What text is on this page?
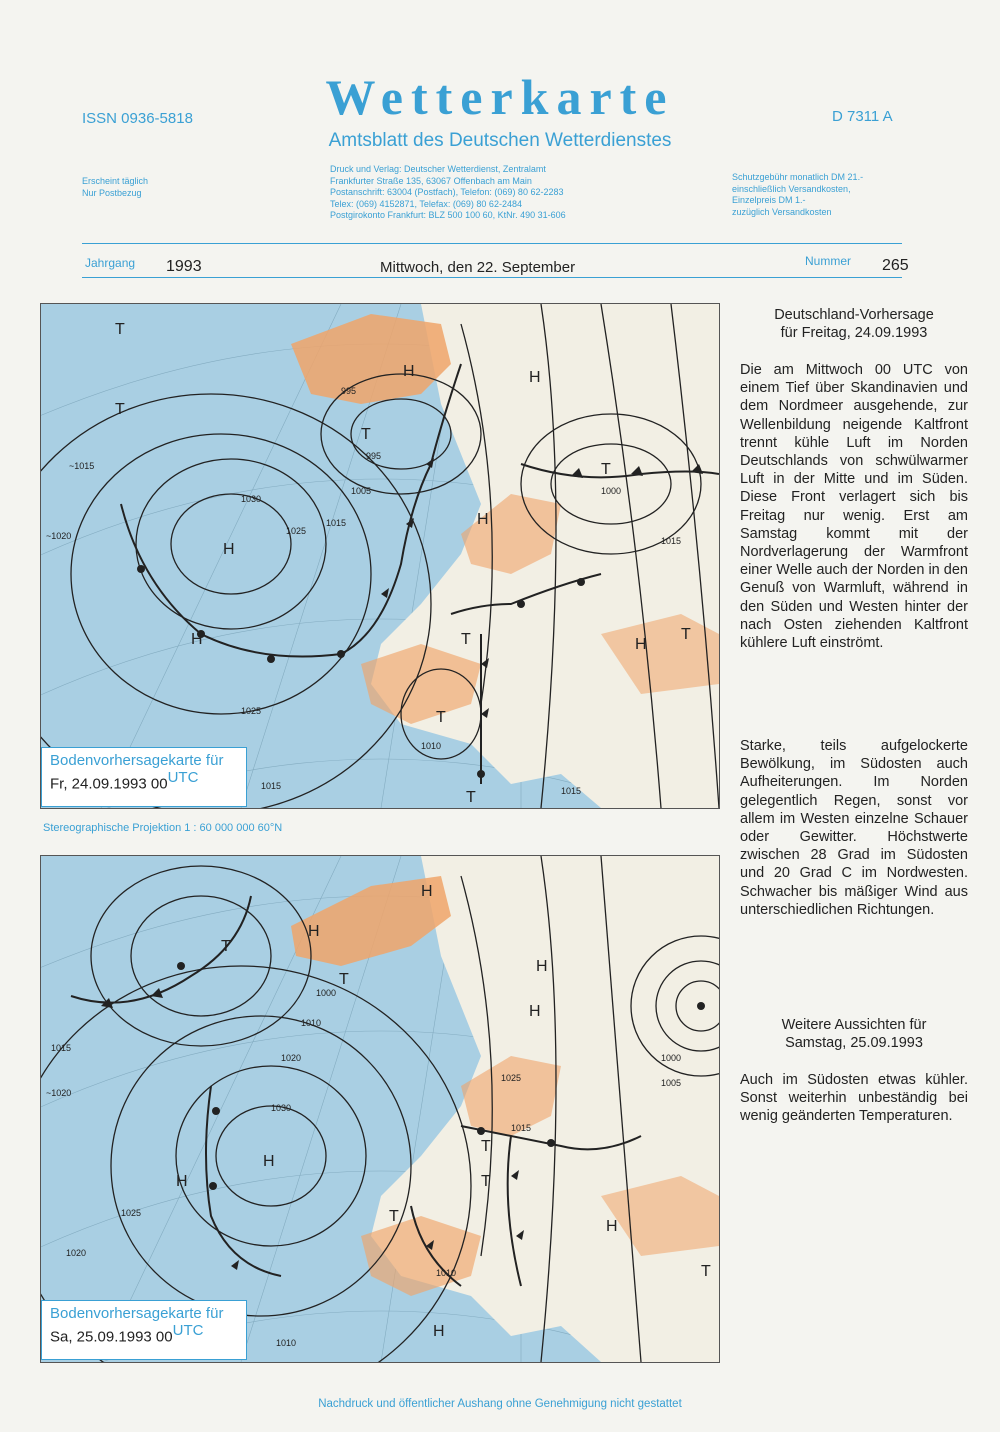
ISSN 0936-5818	Wetterkarte	D 7311 A
Amtsblatt des Deutschen Wetterdienstes
Erscheint täglich
Nur Postbezug
Druck und Verlag: Deutscher Wetterdienst, Zentralamt
Frankfurter Straße 135, 63067 Offenbach am Main
Postanschrift: 63004 (Postfach), Telefon: (069) 80 62-2283
Telex: (069) 4152871, Telefax: (069) 80 62-2484
Postgirokonto Frankfurt: BLZ 500 100 60, KtNr. 490 31-606
Schutzgebühr monatlich DM 21.-
einschließlich Versandkosten,
Einzelpreis DM 1.-
zuzüglich Versandkosten
Jahrgang 1993	Mittwoch, den 22. September	Nummer 265
H
H	H
H
H
H
T
T
T
T
T
T
T
T
1030
1025
~1015
~1020
1025
995
995
1005
1015
1000
1015
1010
1015
1015
Bodenvorhersagekarte für
Fr, 24.09.1993 00UTC
Stereographische Projektion 1 : 60 000 000 60°N
H
H
H
H
H
H
H
H
T
T
T
T
T
T
1030
1025
~1020
1015
1020
1010
1000
1000
1005
1025
1015
1010
1010
1020
Bodenvorhersagekarte für
Sa, 25.09.1993 00UTC
Deutschland-Vorhersage
für Freitag, 24.09.1993
Die am Mittwoch 00 UTC von einem Tief über Skandinavien und dem Nordmeer ausgehende, zur Wellenbildung neigende Kaltfront trennt kühle Luft im Norden Deutschlands von schwülwarmer Luft in der Mitte und im Süden. Diese Front verlagert sich bis Freitag nur wenig. Erst am Samstag kommt mit der Nordverlagerung der Warmfront einer Welle auch der Norden in den Genuß von Warmluft, während in den Süden und Westen hinter der nach Osten ziehenden Kaltfront kühlere Luft einströmt.
Starke, teils aufgelockerte Bewölkung, im Südosten auch Aufheiterungen. Im Norden gelegentlich Regen, sonst vor allem im Westen einzelne Schauer oder Gewitter. Höchstwerte zwischen 28 Grad im Südosten und 20 Grad C im Nordwesten. Schwacher bis mäßiger Wind aus unterschiedlichen Richtungen.
Weitere Aussichten für
Samstag, 25.09.1993
Auch im Südosten etwas kühler. Sonst weiterhin unbeständig bei wenig geänderten Temperaturen.
Nachdruck und öffentlicher Aushang ohne Genehmigung nicht gestattet
